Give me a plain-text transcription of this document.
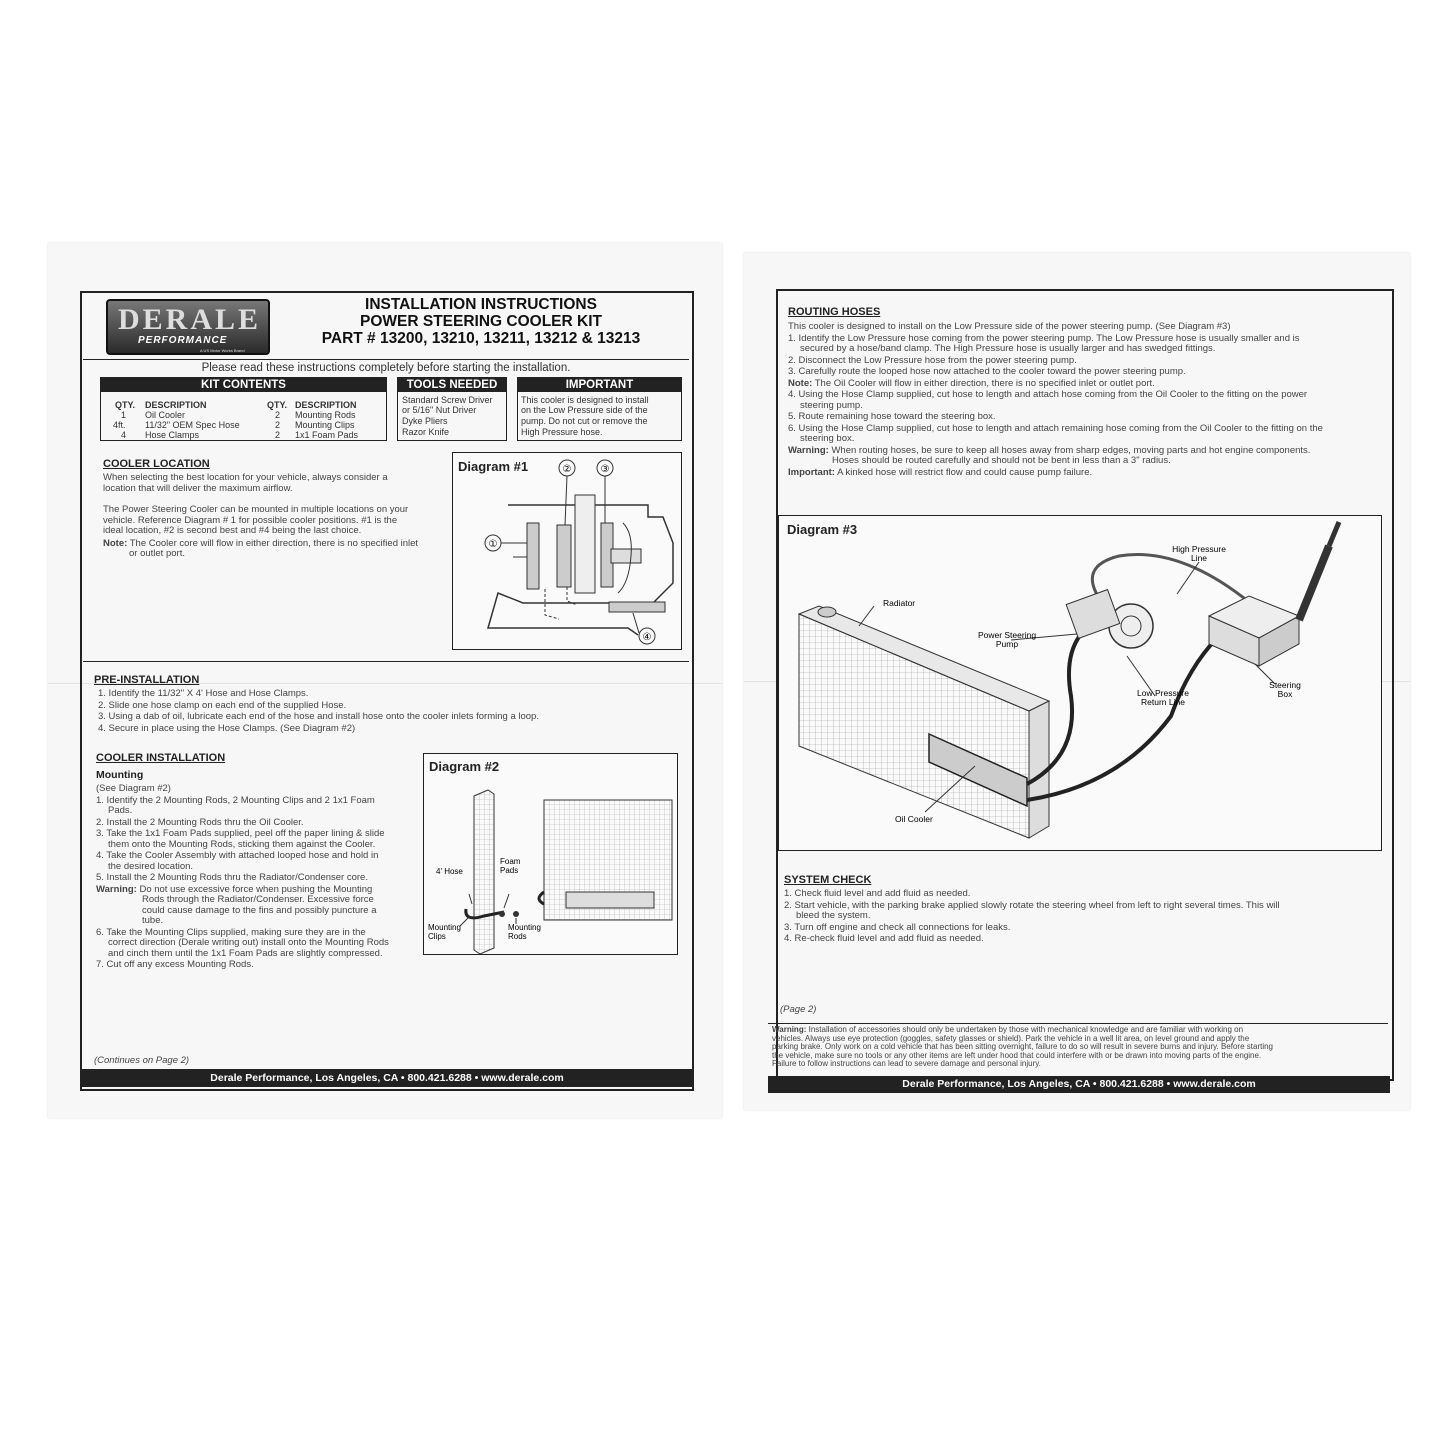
DERALE
PERFORMANCE
A US Motor Works Brand
INSTALLATION INSTRUCTIONS
POWER STEERING COOLER KIT
PART # 13200, 13210, 13211, 13212 & 13213
Please read these instructions completely before starting the installation.
KIT CONTENTS
QTY. DESCRIPTION	QTY. DESCRIPTION
1 Oil Cooler
4ft. 11/32" OEM Spec Hose
4 Hose Clamps
2 Mounting Rods
2 Mounting Clips
2 1x1 Foam Pads
TOOLS NEEDED
Standard Screw Driver
or 5/16" Nut Driver
Dyke Pliers
Razor Knife
IMPORTANT
This cooler is designed to install
on the Low Pressure side of the
pump. Do not cut or remove the
High Pressure hose.
COOLER LOCATION
When selecting the best location for your vehicle, always consider a
location that will deliver the maximum airflow.
The Power Steering Cooler can be mounted in multiple locations on your
vehicle. Reference Diagram # 1 for possible cooler positions. #1 is the
ideal location, #2 is second best and #4 being the last choice.
Note: The Cooler core will flow in either direction, there is no specified inlet
or outlet port.
Diagram #1
①
②	③
④
PRE-INSTALLATION
1. Identify the 11/32" X 4' Hose and Hose Clamps.
2. Slide one hose clamp on each end of the supplied Hose.
3. Using a dab of oil, lubricate each end of the hose and install hose onto the cooler inlets forming a loop.
4. Secure in place using the Hose Clamps. (See Diagram #2)
COOLER INSTALLATION
Mounting
(See Diagram #2)
1. Identify the 2 Mounting Rods, 2 Mounting Clips and 2 1x1 Foam
Pads.
2. Install the 2 Mounting Rods thru the Oil Cooler.
3. Take the 1x1 Foam Pads supplied, peel off the paper lining & slide
them onto the Mounting Rods, sticking them against the Cooler.
4. Take the Cooler Assembly with attached looped hose and hold in
the desired location.
5. Install the 2 Mounting Rods thru the Radiator/Condenser core.
Warning: Do not use excessive force when pushing the Mounting
Rods through the Radiator/Condenser. Excessive force
could cause damage to the fins and possibly puncture a
tube.
6. Take the Mounting Clips supplied, making sure they are in the
correct direction (Derale writing out) install onto the Mounting Rods
and cinch them until the 1x1 Foam Pads are slightly compressed.
7. Cut off any excess Mounting Rods.
Diagram #2
4' Hose
Foam Pads
Mounting Clips
Mounting Rods
(Continues on Page 2)
Derale Performance, Los Angeles, CA • 800.421.6288 • www.derale.com
ROUTING HOSES
This cooler is designed to install on the Low Pressure side of the power steering pump. (See Diagram #3)
1. Identify the Low Pressure hose coming from the power steering pump. The Low Pressure hose is usually smaller and is
secured by a hose/band clamp. The High Pressure hose is usually larger and has swedged fittings.
2. Disconnect the Low Pressure hose from the power steering pump.
3. Carefully route the looped hose now attached to the cooler toward the power steering pump.
Note: The Oil Cooler will flow in either direction, there is no specified inlet or outlet port.
4. Using the Hose Clamp supplied, cut hose to length and attach hose coming from the Oil Cooler to the fitting on the power
steering pump.
5. Route remaining hose toward the steering box.
6. Using the Hose Clamp supplied, cut hose to length and attach remaining hose coming from the Oil Cooler to the fitting on the
steering box.
Warning: When routing hoses, be sure to keep all hoses away from sharp edges, moving parts and hot engine components.
Hoses should be routed carefully and should not be bent in less than a 3" radius.
Important: A kinked hose will restrict flow and could cause pump failure.
Diagram #3
Radiator
High Pressure Line
Power Steering Pump
Low Pressure Return Line
Steering Box
Oil Cooler
SYSTEM CHECK
1. Check fluid level and add fluid as needed.
2. Start vehicle, with the parking brake applied slowly rotate the steering wheel from left to right several times. This will
bleed the system.
3. Turn off engine and check all connections for leaks.
4. Re-check fluid level and add fluid as needed.
(Page 2)
Warning: Installation of accessories should only be undertaken by those with mechanical knowledge and are familiar with working on
vehicles. Always use eye protection (goggles, safety glasses or shield). Park the vehicle in a well lit area, on level ground and apply the
parking brake. Only work on a cold vehicle that has been sitting overnight, failure to do so will result in severe burns and injury. Before starting
the vehicle, make sure no tools or any other items are left under hood that could interfere with or be drawn into moving parts of the engine.
Failure to follow instructions can lead to severe damage and personal injury.
Derale Performance, Los Angeles, CA • 800.421.6288 • www.derale.com
